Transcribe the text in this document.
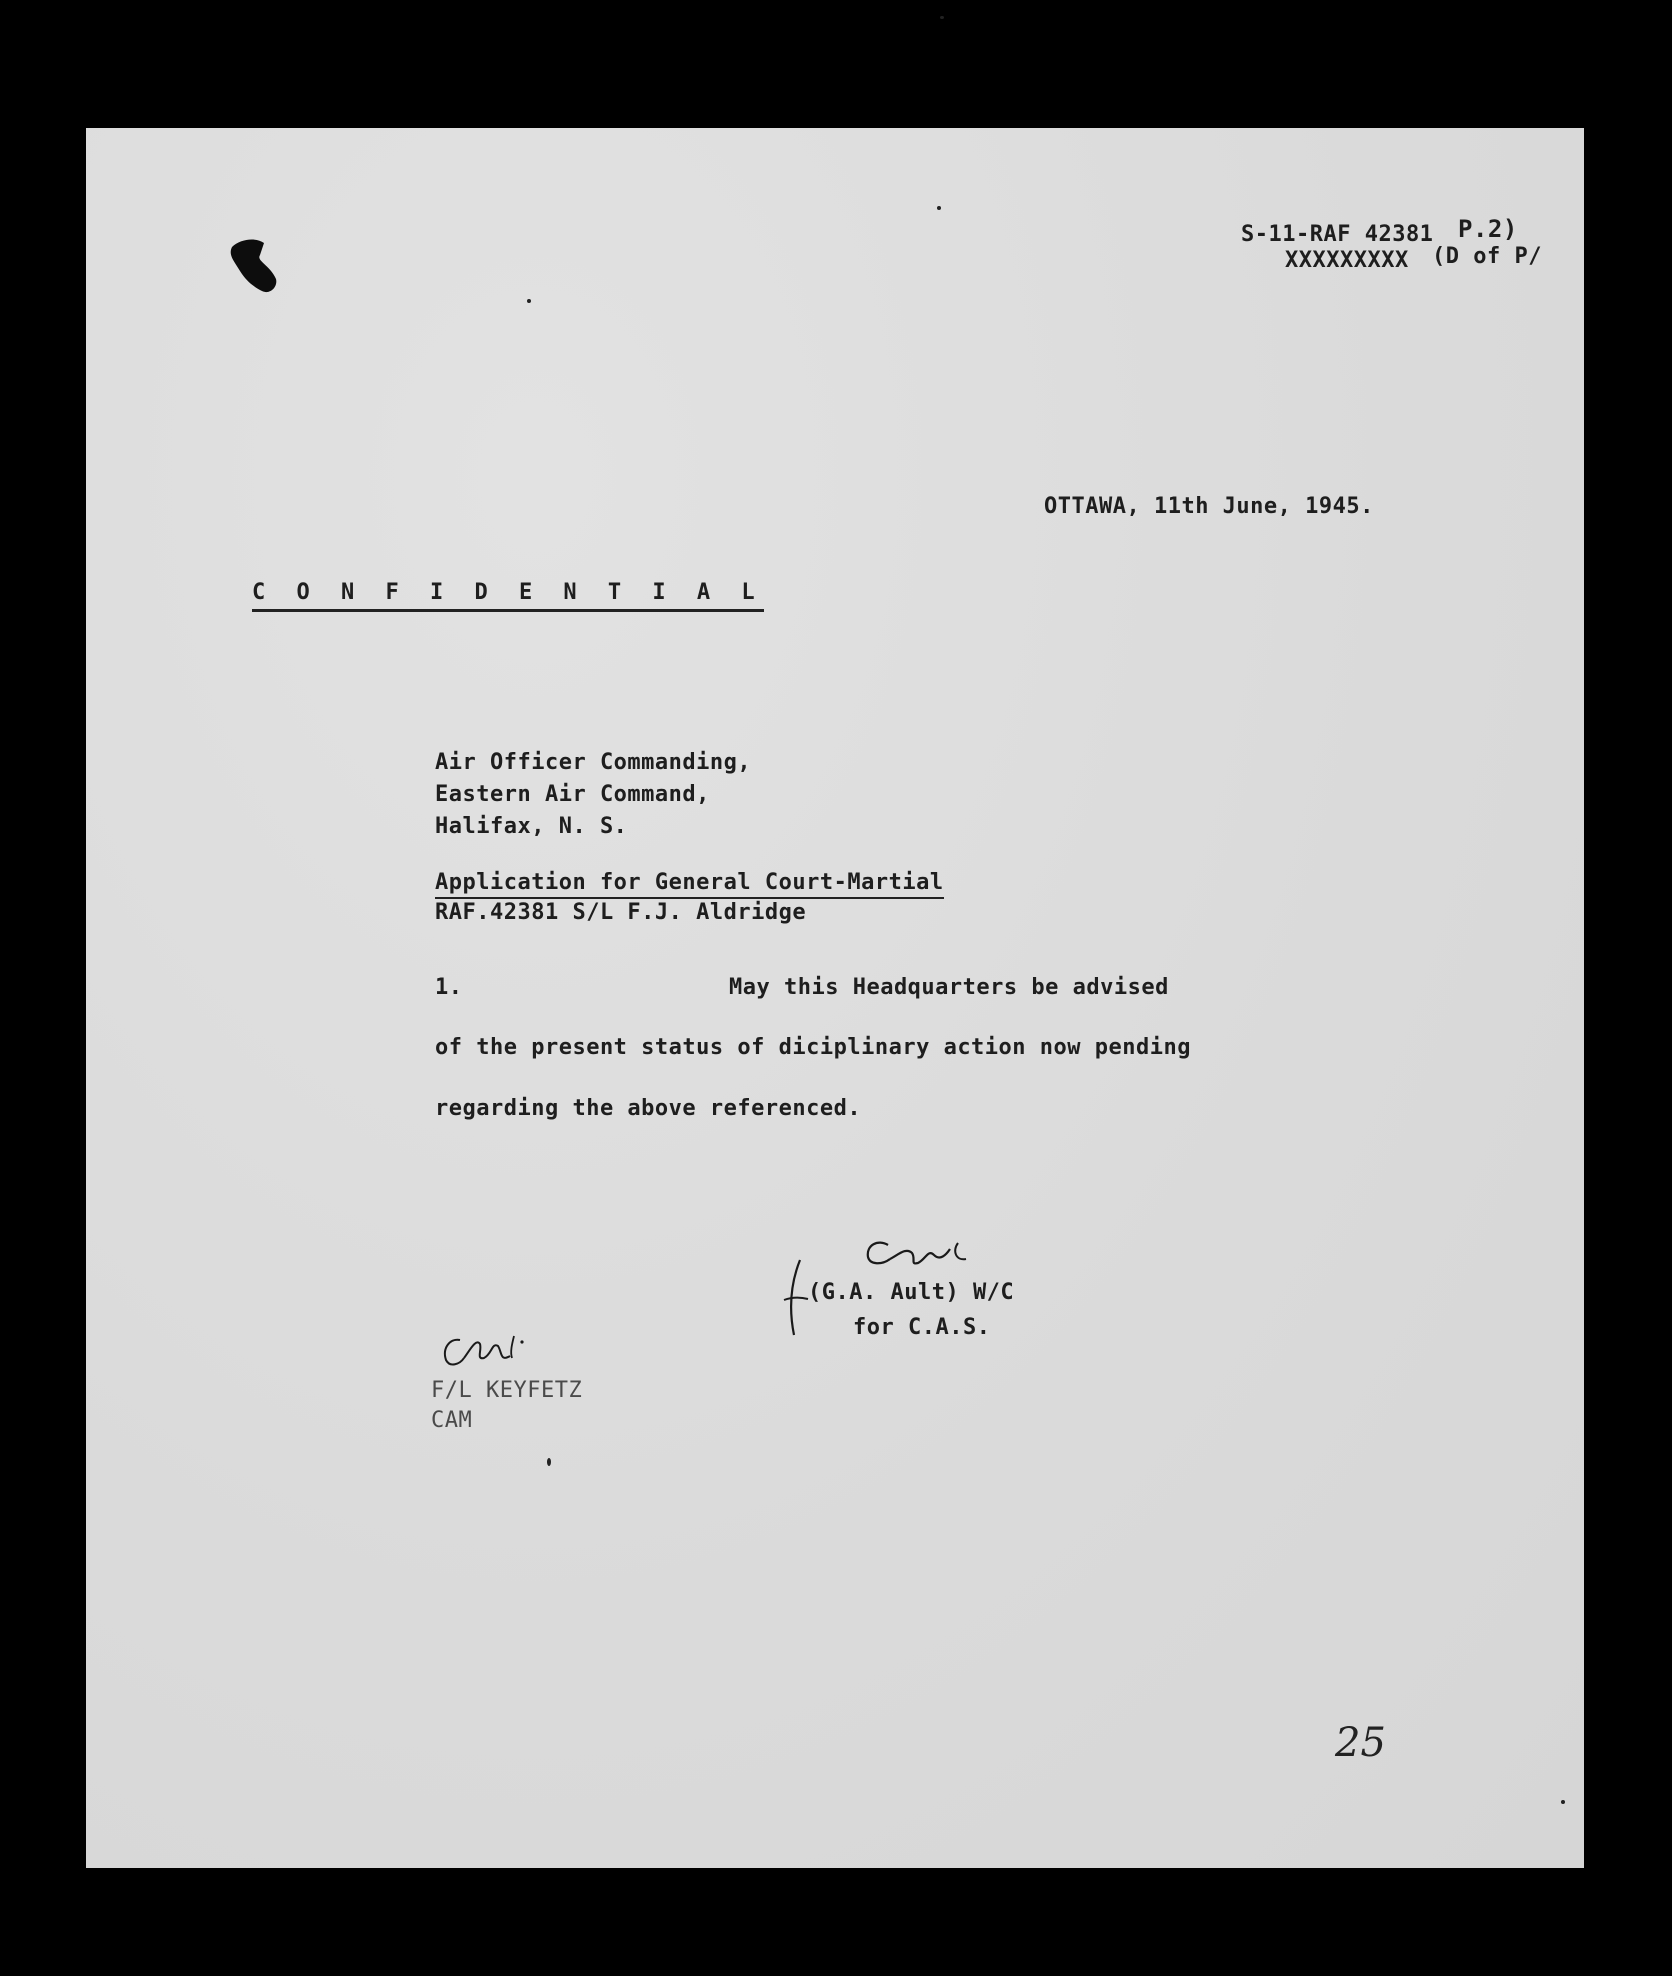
S-11-RAF 42381 P.2)
XXXXXXXXX (D of P/
OTTAWA, 11th June, 1945.
C O N F I D E N T I A L
Air Officer Commanding,
Eastern Air Command,
Halifax, N. S.
Application for General Court-Martial
RAF.42381 S/L F.J. Aldridge
1.	May this Headquarters be advised
of the present status of diciplinary action now pending
regarding the above referenced.
(G.A. Ault) W/C
for C.A.S.
F/L KEYFETZ
CAM
25
